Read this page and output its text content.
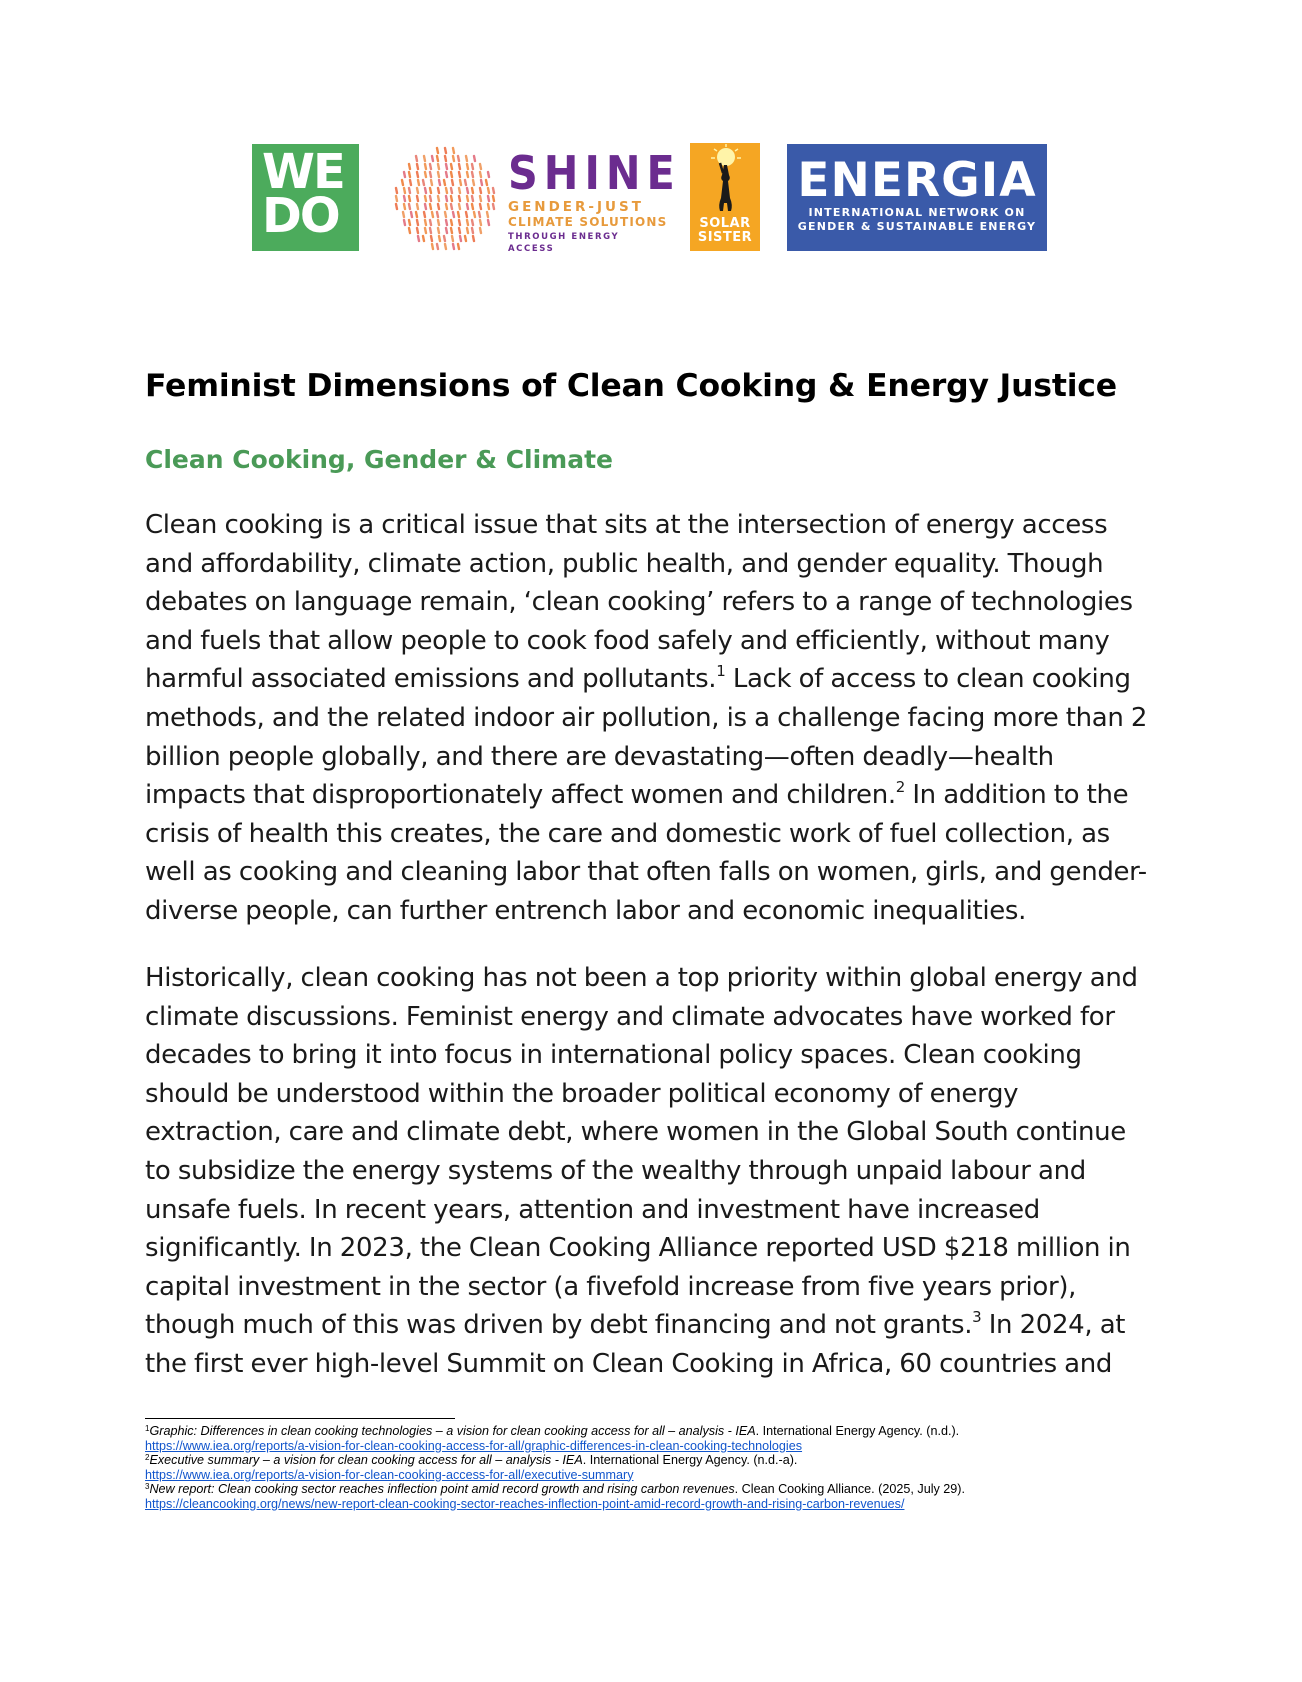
WE
DO
SHINE
GENDER-JUST
CLIMATE SOLUTIONS
THROUGH ENERGY ACCESS
SOLAR
SISTER
ENERGIA
INTERNATIONAL NETWORK ON
GENDER & SUSTAINABLE ENERGY
Feminist Dimensions of Clean Cooking & Energy Justice
Clean Cooking, Gender & Climate

Clean cooking is a critical issue that sits at the intersection of energy access and affordability, climate action, public health, and gender equality. Though debates on language remain, ‘clean cooking’ refers to a range of technologies and fuels that allow people to cook food safely and efficiently, without many harmful associated emissions and pollutants.$^1$ Lack of access to clean cooking methods, and the related indoor air pollution, is a challenge facing more than 2 billion people globally, and there are devastating—often deadly—health impacts that disproportionately affect women and children.$^2$ In addition to the crisis of health this creates, the care and domestic work of fuel collection, as well as cooking and cleaning labor that often falls on women, girls, and gender-diverse people, can further entrench labor and economic inequalities.

Historically, clean cooking has not been a top priority within global energy and climate discussions. Feminist energy and climate advocates have worked for decades to bring it into focus in international policy spaces. Clean cooking should be understood within the broader political economy of energy extraction, care and climate debt, where women in the Global South continue to subsidize the energy systems of the wealthy through unpaid labour and unsafe fuels. In recent years, attention and investment have increased significantly. In 2023, the Clean Cooking Alliance reported USD $218 million in capital investment in the sector (a fivefold increase from five years prior), though much of this was driven by debt financing and not grants.$^3$ In 2024, at the first ever high-level Summit on Clean Cooking in Africa, 60 countries and

$^1$Graphic: Differences in clean cooking technologies – a vision for clean cooking access for all – analysis - IEA. International Energy Agency. (n.d.).
https://www.iea.org/reports/a-vision-for-clean-cooking-access-for-all/graphic-differences-in-clean-cooking-technologies
$^2$Executive summary – a vision for clean cooking access for all – analysis - IEA. International Energy Agency. (n.d.-a).
https://www.iea.org/reports/a-vision-for-clean-cooking-access-for-all/executive-summary
$^3$New report: Clean cooking sector reaches inflection point amid record growth and rising carbon revenues. Clean Cooking Alliance. (2025, July 29).
https://cleancooking.org/news/new-report-clean-cooking-sector-reaches-inflection-point-amid-record-growth-and-rising-carbon-revenues/
